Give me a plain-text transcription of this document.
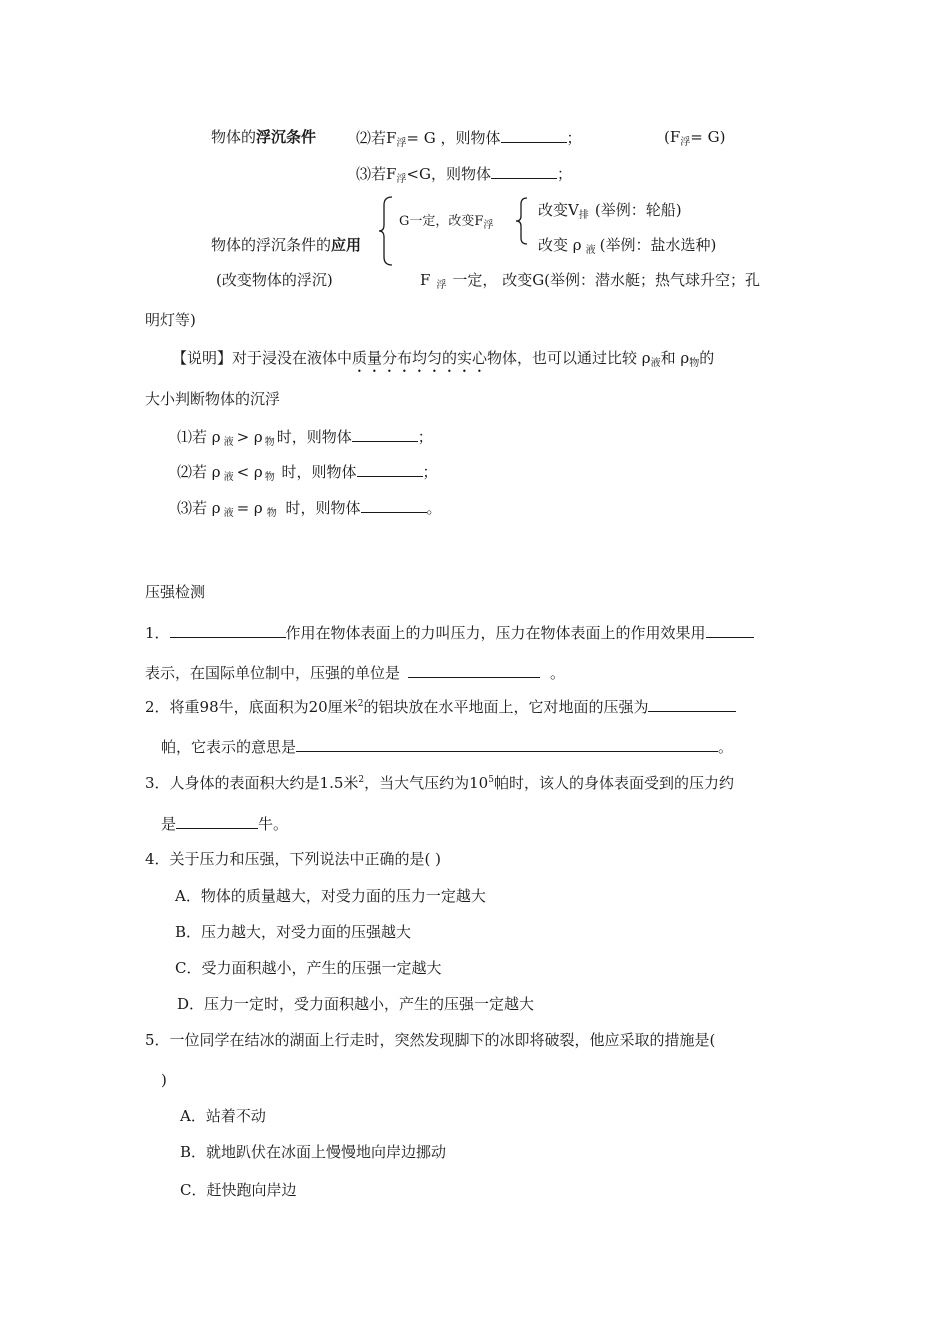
物体的浮沉条件	⑵若$F_浮= G$ ，则物体	；	$(F_浮= G)$
⑶若$F_浮<G$，则物体	；
G一定，改变$F_浮$
改变$V_排$ (举例：轮船)
物体的浮沉条件的应用	改变 ρ $_液$ (举例：盐水选种)
(改变物体的浮沉)	F $_浮$ 一定， 改变G(举例：潜水艇；热气球升空；孔
明灯等)
【说明】对于浸没在液体中质量分布均匀的实心物体，也可以通过比较 $\rho_液$和 $\rho_物$的
大小判断物体的沉浮
⑴若 ρ $_液$ > ρ $_物$ 时，则物体	；
⑵若 ρ $_液$ < ρ $_物$ 时，则物体	；
⑶若 ρ $_液$ = ρ $_物$ 时，则物体	。
压强检测
1．	作用在物体表面上的力叫压力，压力在物体表面上的作用效果用
表示，在国际单位制中，压强的单位是	。
2．将重98牛，底面积为20厘米$^2$的铝块放在水平地面上，它对地面的压强为
帕，它表示的意思是	。
3．人身体的表面积大约是1.5米$^2$，当大气压约为$10^5$帕时，该人的身体表面受到的压力约
是	牛。
4．关于压力和压强，下列说法中正确的是( )
A．物体的质量越大，对受力面的压力一定越大
B．压力越大，对受力面的压强越大
C．受力面积越小，产生的压强一定越大
D．压力一定时，受力面积越小，产生的压强一定越大
5．一位同学在结冰的湖面上行走时，突然发现脚下的冰即将破裂，他应采取的措施是(
)
A．站着不动
B．就地趴伏在冰面上慢慢地向岸边挪动
C．赶快跑向岸边
